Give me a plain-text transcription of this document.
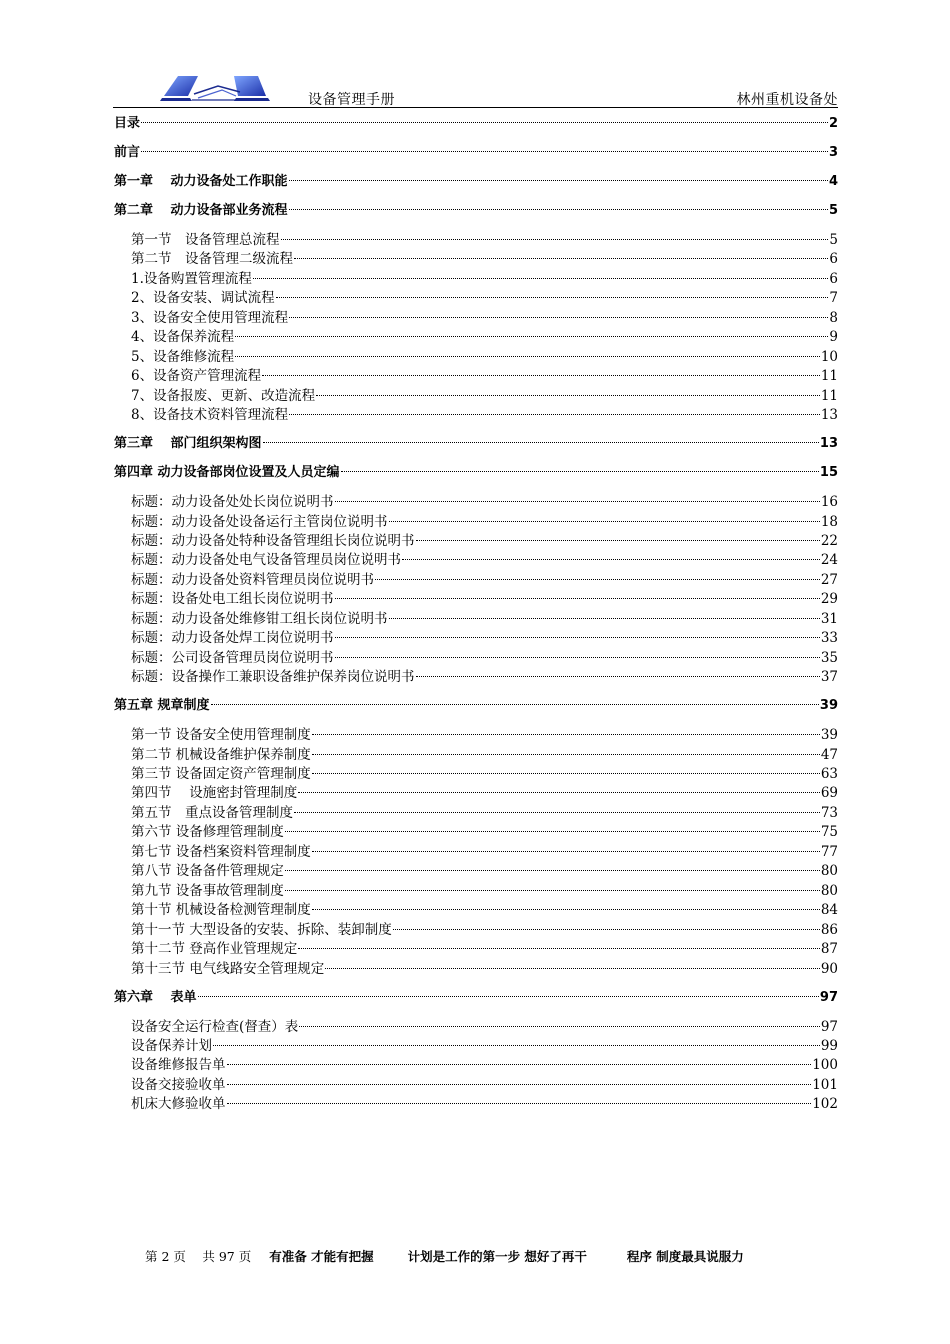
设备管理手册	林州重机设备处
目录	2
前言	3
第一章　 动力设备处工作职能	4
第二章　 动力设备部业务流程	5
第一节　设备管理总流程	5
第二节　设备管理二级流程	6
1.设备购置管理流程	6
2、设备安装、调试流程	7
3、设备安全使用管理流程	8
4、设备保养流程	9
5、设备维修流程	10
6、设备资产管理流程	11
7、设备报废、更新、改造流程	11
8、设备技术资料管理流程	13
第三章　 部门组织架构图	13
第四章 动力设备部岗位设置及人员定编	15
标题：动力设备处处长岗位说明书	16
标题：动力设备处设备运行主管岗位说明书	18
标题：动力设备处特种设备管理组长岗位说明书	22
标题：动力设备处电气设备管理员岗位说明书	24
标题：动力设备处资料管理员岗位说明书	27
标题：设备处电工组长岗位说明书	29
标题：动力设备处维修钳工组长岗位说明书	31
标题：动力设备处焊工岗位说明书	33
标题：公司设备管理员岗位说明书	35
标题：设备操作工兼职设备维护保养岗位说明书	37
第五章 规章制度	39
第一节 设备安全使用管理制度	39
第二节 机械设备维护保养制度	47
第三节 设备固定资产管理制度	63
第四节　 设施密封管理制度	69
第五节　重点设备管理制度	73
第六节 设备修理管理制度	75
第七节 设备档案资料管理制度	77
第八节 设备备件管理规定	80
第九节 设备事故管理制度	80
第十节 机械设备检测管理制度	84
第十一节 大型设备的安装、拆除、装卸制度	86
第十二节 登高作业管理规定	87
第十三节 电气线路安全管理规定	90
第六章　 表单	97
设备安全运行检查(督查）表	97
设备保养计划	99
设备维修报告单	100
设备交接验收单	101
机床大修验收单	102
第 2 页　 共 97 页 有准备 才能有把握	计划是工作的第一步 想好了再干	程序 制度最具说服力
